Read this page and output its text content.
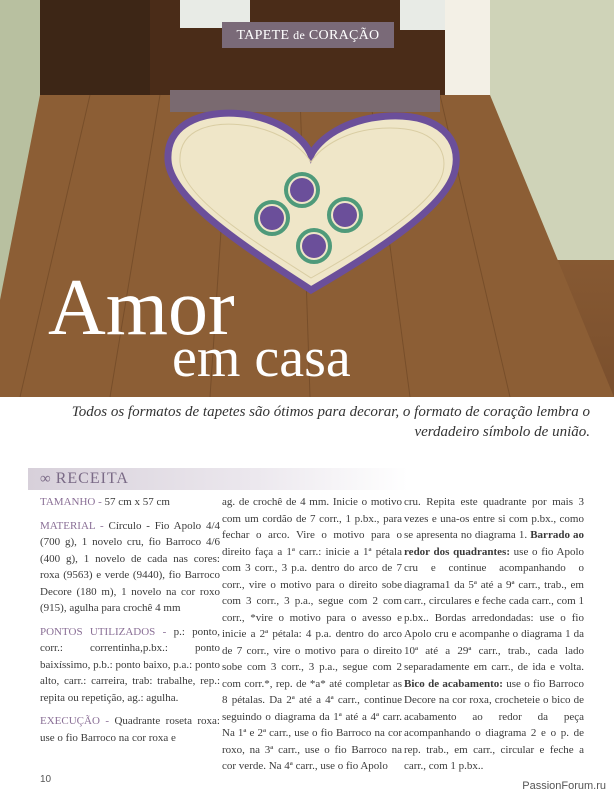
TAPETE de CORAÇÃO
Amor
em casa
Todos os formatos de tapetes são ótimos para decorar, o formato de coração lembra o verdadeiro símbolo de união.
∞ RECEITA

TAMANHO - 57 cm x 57 cm

MATERIAL - Círculo - Fio Apolo 4/4 (700 g), 1 novelo cru, fio Barroco 4/6 (400 g), 1 novelo de cada nas cores: roxa (9563) e verde (9440), fio Barroco Decore (180 m), 1 novelo na cor roxo (915), agulha para crochê 4 mm

PONTOS UTILIZADOS - p.: ponto, corr.: correntinha,p.bx.: ponto baixíssimo, p.b.: ponto baixo, p.a.: ponto alto, carr.: carreira, trab: trabalhe, rep.: repita ou repetição, ag.: agulha.

EXECUÇÃO - Quadrante roseta roxa: use o fio Barroco na cor roxa e

ag. de crochê de 4 mm. Inicie o motivo com um cordão de 7 corr., 1 p.bx., para fechar o arco. Vire o motivo para o direito faça a 1ª carr.: inicie a 1ª pétala com 3 corr., 3 p.a. dentro do arco de 7 corr., vire o motivo para o direito sobe com 3 corr., 3 p.a., segue com 2 com corr., *vire o motivo para o avesso e inicie a 2ª pétala: 4 p.a. dentro do arco de 7 corr., vire o motivo para o direito sobe com 3 corr., 3 p.a., segue com 2 com corr.*, rep. de *a* até completar as 8 pétalas. Da 2ª até a 4ª carr., continue seguindo o diagrama da 1ª até a 4ª carr. Na 1ª e 2ª carr., use o fio Barroco na cor roxo, na 3ª carr., use o fio Barroco na cor verde. Na 4ª carr., use o fio Apolo

cru. Repita este quadrante por mais 3 vezes e una-os entre si com p.bx., como se apresenta no diagrama 1. Barrado ao redor dos quadrantes: use o fio Apolo cru e continue acompanhando o diagrama1 da 5ª até a 9ª carr., trab., em carr., circulares e feche cada carr., com 1 p.bx.. Bordas arredondadas: use o fio Apolo cru e acompanhe o diagrama 1 da 10ª até a 29ª carr., trab., cada lado separadamente em carr., de ida e volta. Bico de acabamento: use o fio Barroco Decore na cor roxa, crocheteie o bico de acabamento ao redor da peça acompanhando o diagrama 2 e o p. de rep. trab., em carr., circular e feche a carr., com 1 p.bx..

10
PassionForum.ru
